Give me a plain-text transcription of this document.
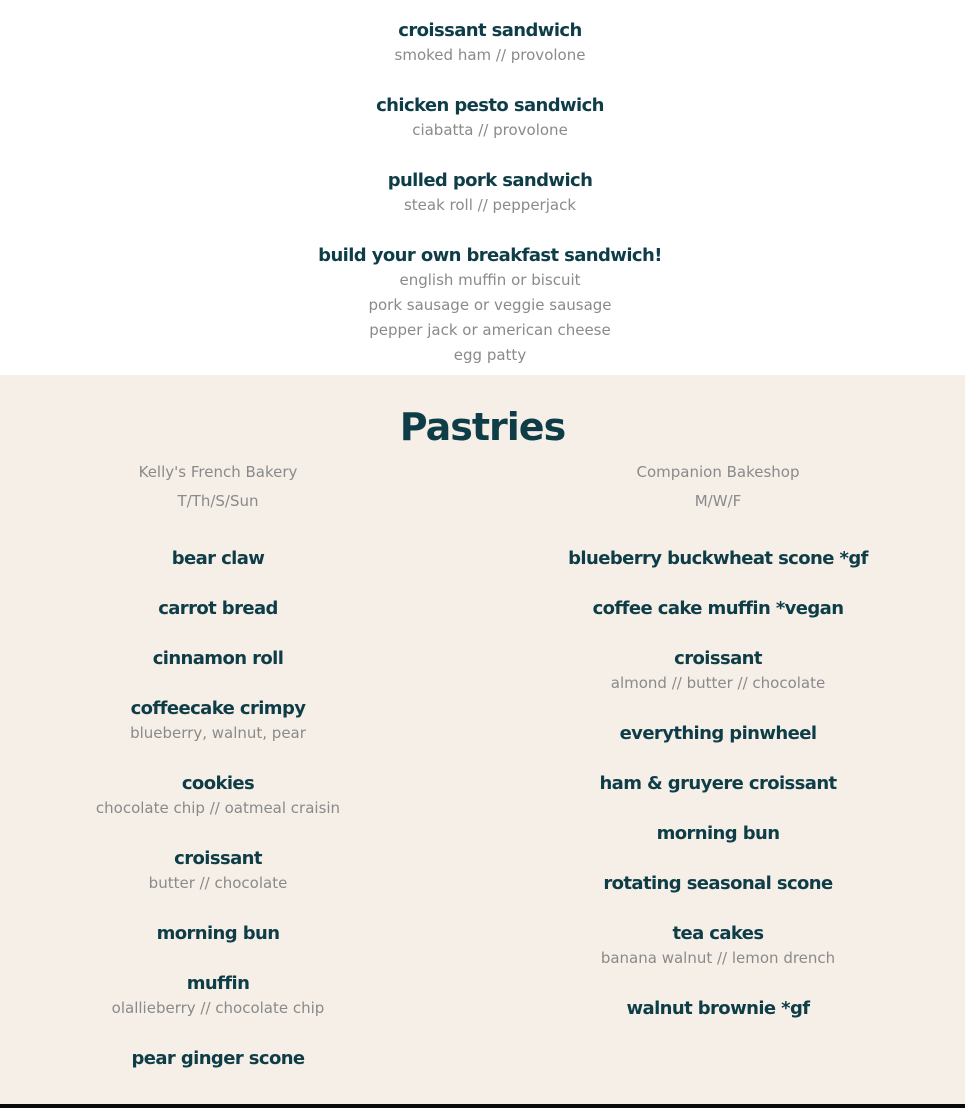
croissant sandwich
smoked ham // provolone
chicken pesto sandwich
ciabatta // provolone
pulled pork sandwich
steak roll // pepperjack
build your own breakfast sandwich!
english muffin or biscuit
pork sausage or veggie sausage
pepper jack or american cheese
egg patty
Pastries
Kelly's French Bakery
T/Th/S/Sun
bear claw
carrot bread
cinnamon roll
coffeecake crimpy
blueberry, walnut, pear
cookies
chocolate chip // oatmeal craisin
croissant
butter // chocolate
morning bun
muffin
olallieberry // chocolate chip
pear ginger scone
Companion Bakeshop
M/W/F
blueberry buckwheat scone *gf
coffee cake muffin *vegan
croissant
almond // butter // chocolate
everything pinwheel
ham & gruyere croissant
morning bun
rotating seasonal scone
tea cakes
banana walnut // lemon drench
walnut brownie *gf
